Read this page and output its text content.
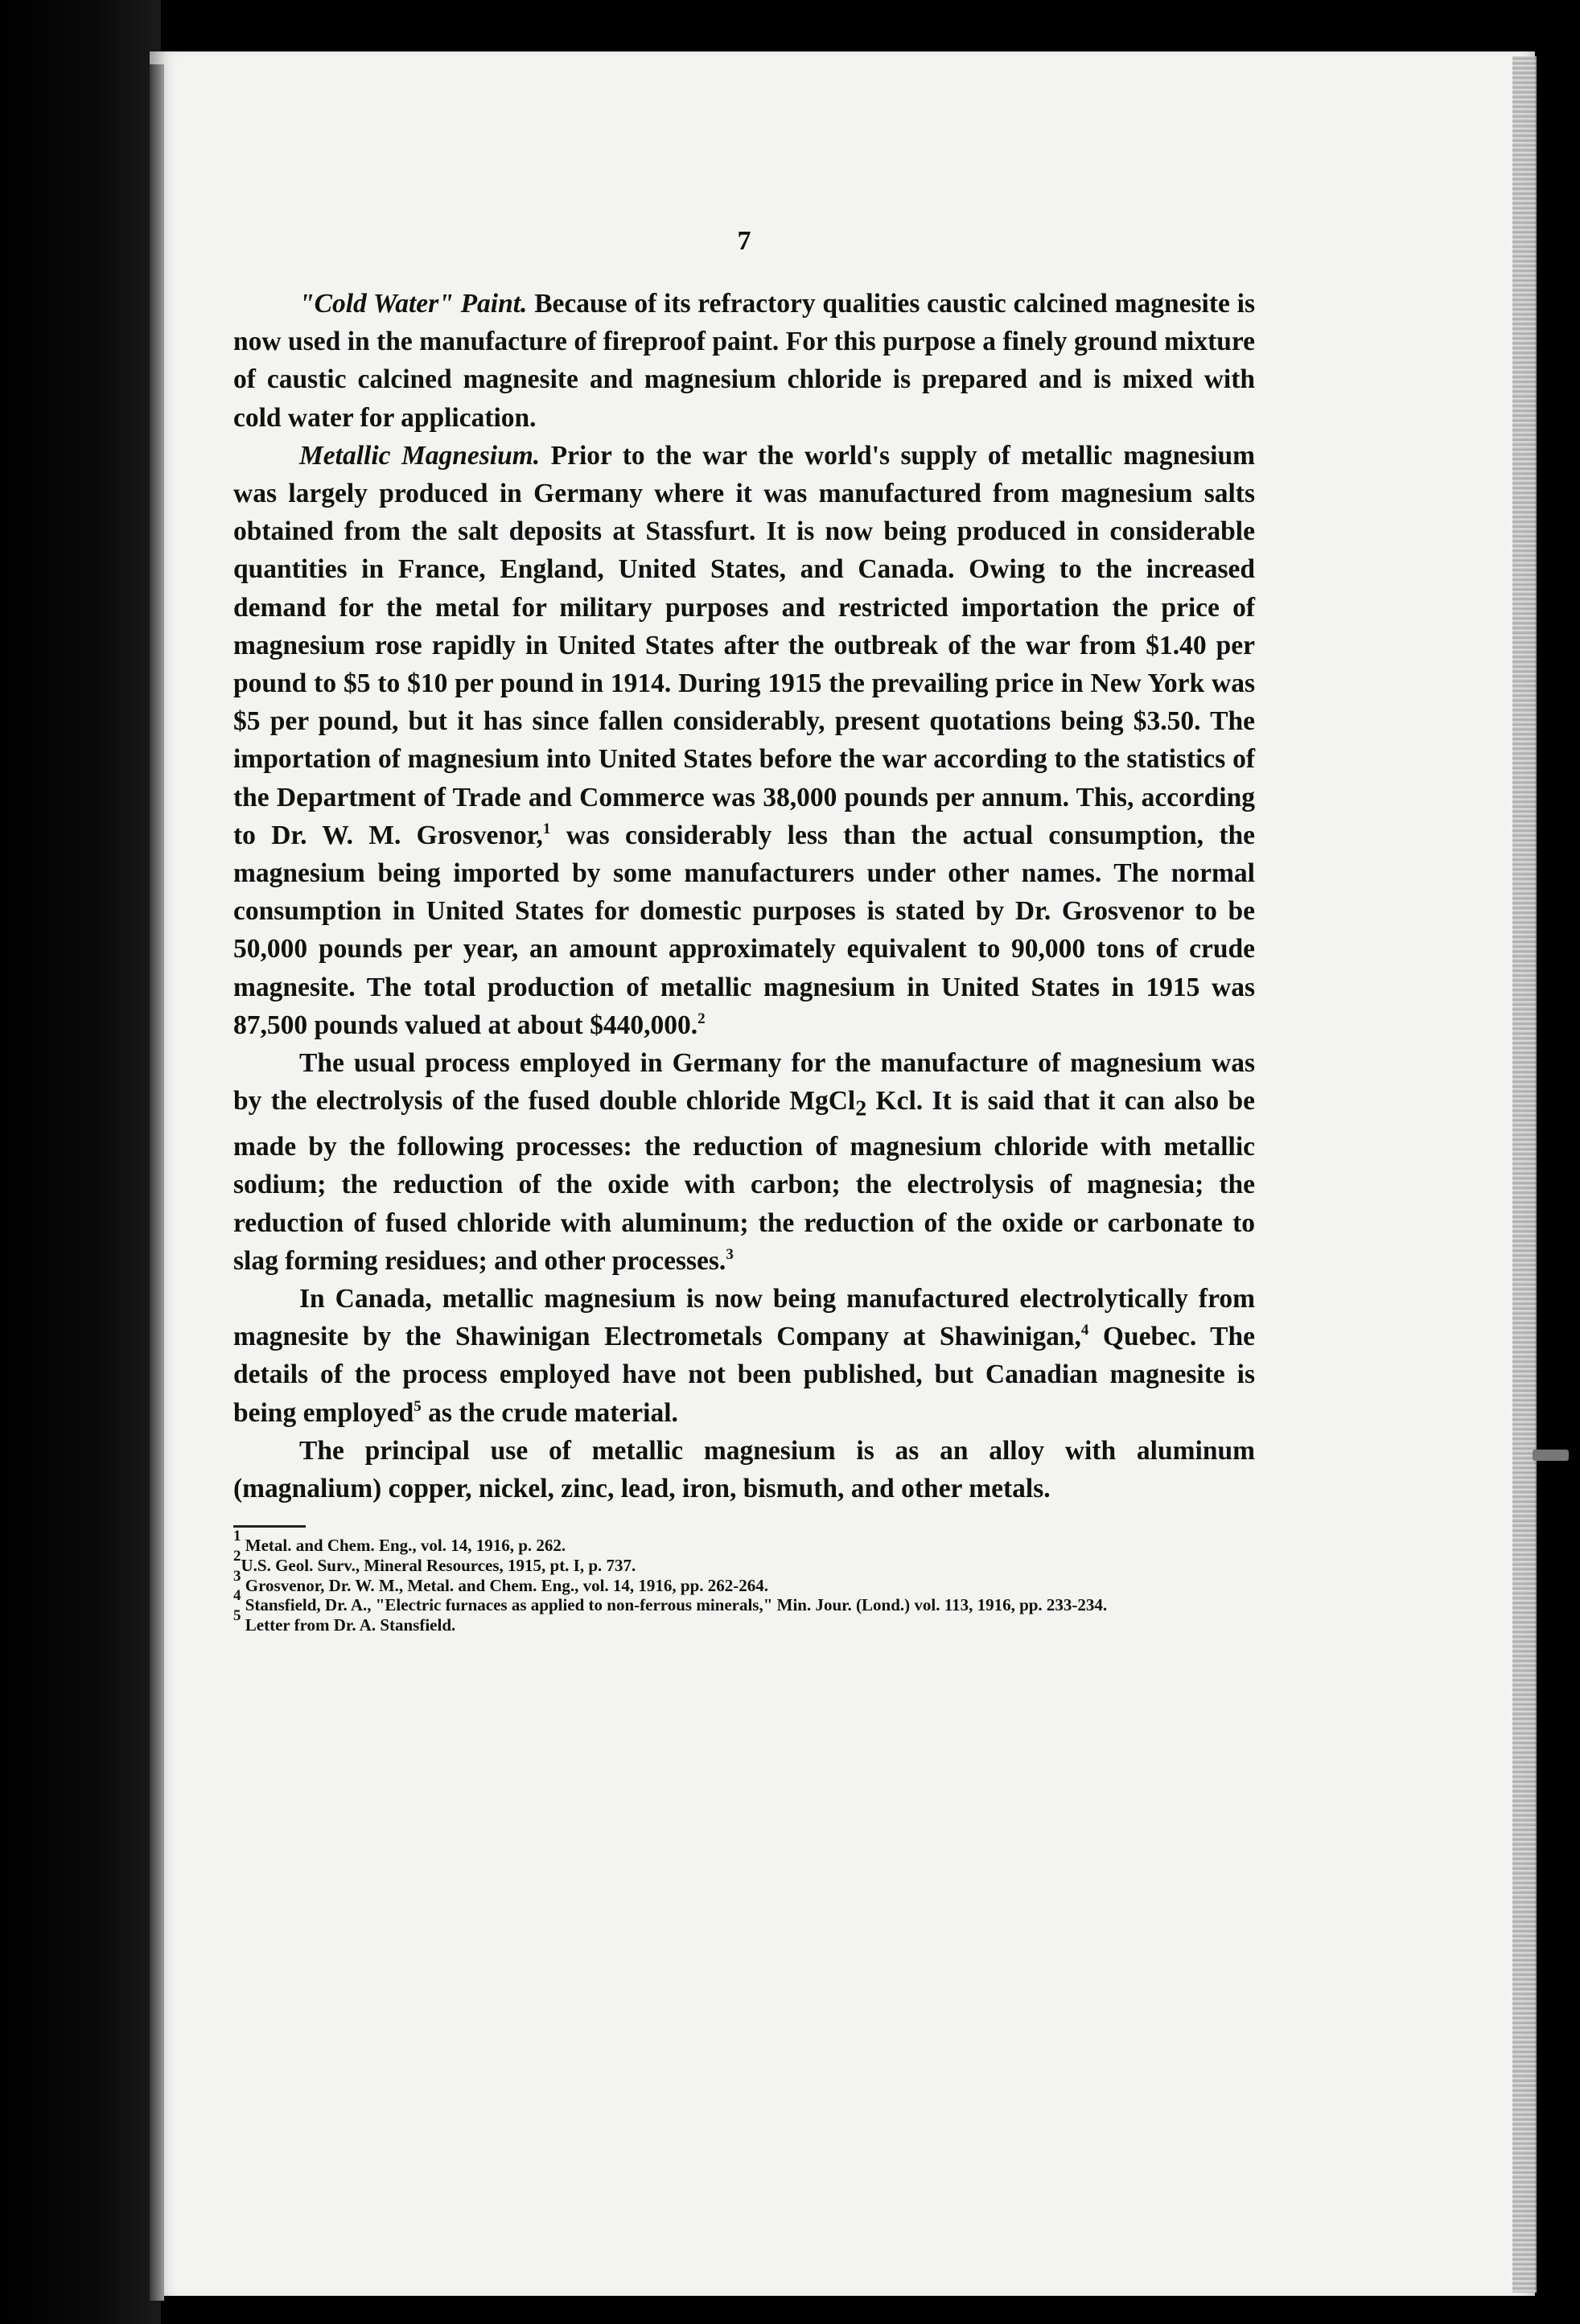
7

"Cold Water" Paint. Because of its refractory qualities caustic calcined magnesite is now used in the manufacture of fireproof paint. For this purpose a finely ground mixture of caustic calcined magnesite and magnesium chloride is prepared and is mixed with cold water for application.

Metallic Magnesium. Prior to the war the world's supply of metallic magnesium was largely produced in Germany where it was manufactured from magnesium salts obtained from the salt deposits at Stassfurt. It is now being produced in considerable quantities in France, England, United States, and Canada. Owing to the increased demand for the metal for military purposes and restricted importation the price of magnesium rose rapidly in United States after the outbreak of the war from $1.40 per pound to $5 to $10 per pound in 1914. During 1915 the prevailing price in New York was $5 per pound, but it has since fallen considerably, present quotations being $3.50. The importation of magnesium into United States before the war according to the statistics of the Department of Trade and Commerce was 38,000 pounds per annum. This, according to Dr. W. M. Grosvenor,$^1$ was considerably less than the actual consumption, the magnesium being imported by some manufacturers under other names. The normal consumption in United States for domestic purposes is stated by Dr. Grosvenor to be 50,000 pounds per year, an amount approximately equivalent to 90,000 tons of crude magnesite. The total production of metallic magnesium in United States in 1915 was 87,500 pounds valued at about $440,000.$^2$

The usual process employed in Germany for the manufacture of magnesium was by the electrolysis of the fused double chloride MgCl$_2$ Kcl. It is said that it can also be made by the following processes: the reduction of magnesium chloride with metallic sodium; the reduction of the oxide with carbon; the electrolysis of magnesia; the reduction of fused chloride with aluminum; the reduction of the oxide or carbonate to slag forming residues; and other processes.$^3$

In Canada, metallic magnesium is now being manufactured electrolytically from magnesite by the Shawinigan Electrometals Company at Shawinigan,$^4$ Quebec. The details of the process employed have not been published, but Canadian magnesite is being employed$^5$ as the crude material.

The principal use of metallic magnesium is as an alloy with aluminum (magnalium) copper, nickel, zinc, lead, iron, bismuth, and other metals.

$^1$ Metal. and Chem. Eng., vol. 14, 1916, p. 262.

$^2$U.S. Geol. Surv., Mineral Resources, 1915, pt. I, p. 737.

$^3$ Grosvenor, Dr. W. M., Metal. and Chem. Eng., vol. 14, 1916, pp. 262-264.

$^4$ Stansfield, Dr. A., "Electric furnaces as applied to non-ferrous minerals," Min. Jour. (Lond.) vol. 113, 1916, pp. 233-234.

$^5$ Letter from Dr. A. Stansfield.
